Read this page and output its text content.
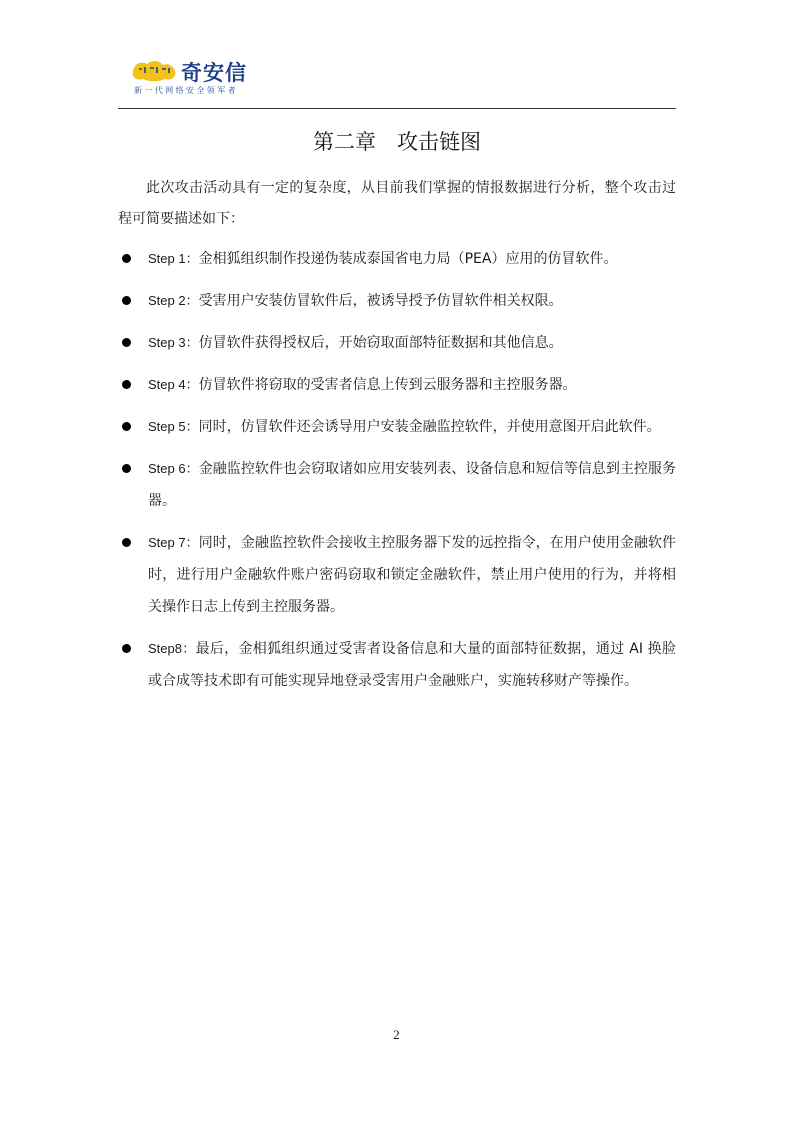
奇安信
新一代网络安全领军者
第二章　攻击链图

此次攻击活动具有一定的复杂度，从目前我们掌握的情报数据进行分析，整个攻击过程可简要描述如下：

Step 1：金相狐组织制作投递伪装成泰国省电力局（PEA）应用的仿冒软件。
Step 2：受害用户安装仿冒软件后，被诱导授予仿冒软件相关权限。
Step 3：仿冒软件获得授权后，开始窃取面部特征数据和其他信息。
Step 4：仿冒软件将窃取的受害者信息上传到云服务器和主控服务器。
Step 5：同时，仿冒软件还会诱导用户安装金融监控软件，并使用意图开启此软件。
Step 6：金融监控软件也会窃取诸如应用安装列表、设备信息和短信等信息到主控服务器。
Step 7：同时，金融监控软件会接收主控服务器下发的远控指令，在用户使用金融软件时，进行用户金融软件账户密码窃取和锁定金融软件，禁止用户使用的行为，并将相关操作日志上传到主控服务器。
Step8：最后，金相狐组织通过受害者设备信息和大量的面部特征数据，通过 AI 换脸或合成等技术即有可能实现异地登录受害用户金融账户，实施转移财产等操作。
2
